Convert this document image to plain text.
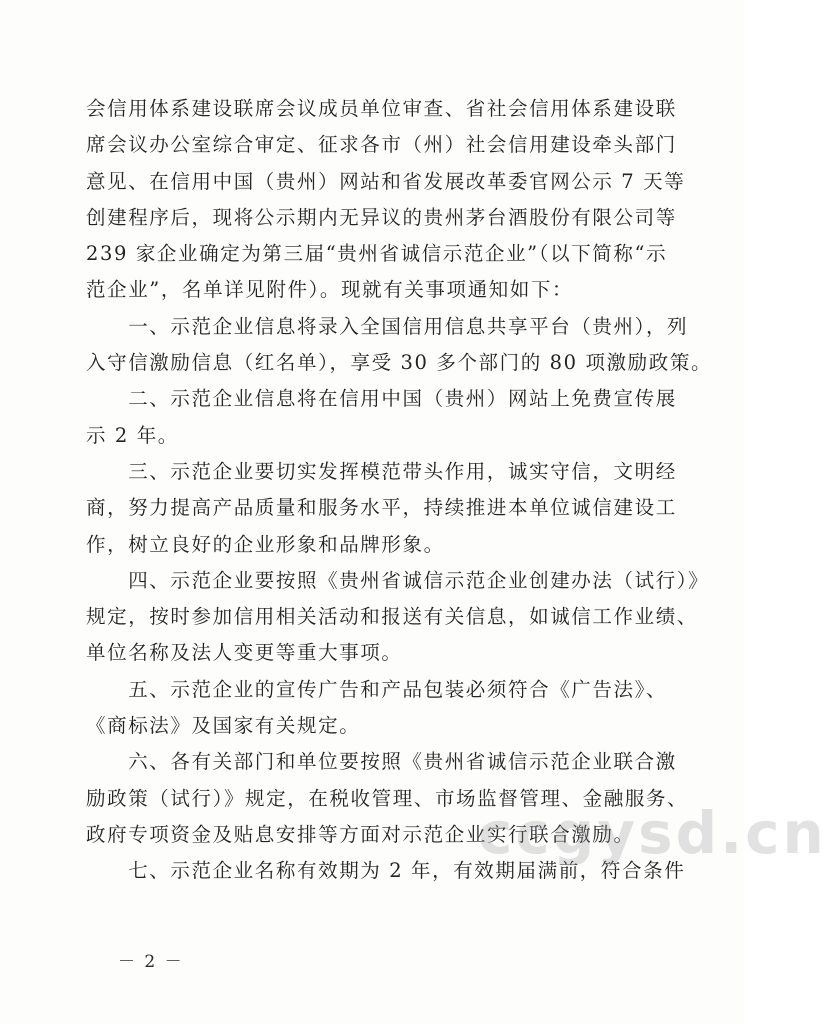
会信用体系建设联席会议成员单位审查、省社会信用体系建设联
席会议办公室综合审定、征求各市（州）社会信用建设牵头部门
意见、在信用中国（贵州）网站和省发展改革委官网公示 7 天等
创建程序后，现将公示期内无异议的贵州茅台酒股份有限公司等
239 家企业确定为第三届“贵州省诚信示范企业”（以下简称“示
范企业”，名单详见附件）。现就有关事项通知如下：
　　一、示范企业信息将录入全国信用信息共享平台（贵州），列
入守信激励信息（红名单），享受 30 多个部门的 80 项激励政策。
　　二、示范企业信息将在信用中国（贵州）网站上免费宣传展
示 2 年。
　　三、示范企业要切实发挥模范带头作用，诚实守信，文明经
商，努力提高产品质量和服务水平，持续推进本单位诚信建设工
作，树立良好的企业形象和品牌形象。
　　四、示范企业要按照《贵州省诚信示范企业创建办法（试行）》
规定，按时参加信用相关活动和报送有关信息，如诚信工作业绩、
单位名称及法人变更等重大事项。
　　五、示范企业的宣传广告和产品包装必须符合《广告法》、
《商标法》及国家有关规定。
　　六、各有关部门和单位要按照《贵州省诚信示范企业联合激
励政策（试行）》规定，在税收管理、市场监督管理、金融服务、
政府专项资金及贴息安排等方面对示范企业实行联合激励。
　　七、示范企业名称有效期为 2 年，有效期届满前，符合条件
ccgysd.cn
－ 2 －
